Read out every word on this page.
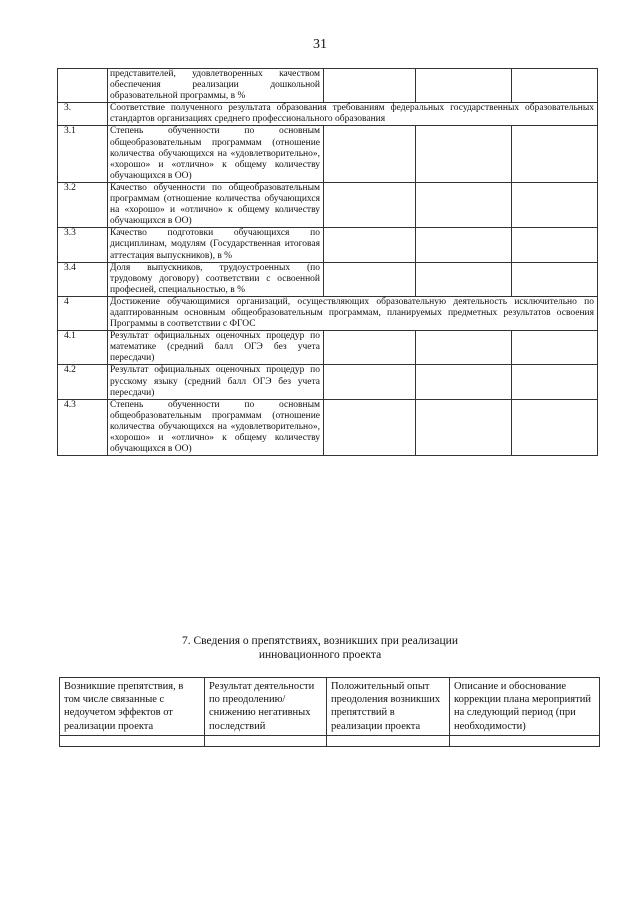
31
	представителей, удовлетворенных качеством обеспечения реализации дошкольной образовательной программы, в %			
3.	Соответствие полученного результата образования требованиям федеральных государственных образовательных стандартов организациях среднего профессионального образования			
3.1	Степень обученности по основным общеобразовательным программам (отношение количества обучающихся на «удовлетворительно», «хорошо» и «отлично» к общему количеству обучающихся в ОО)			
3.2	Качество обученности по общеобразовательным программам (отношение количества обучающихся на «хорошо» и «отлично» к общему количеству обучающихся в ОО)			
3.3	Качество подготовки обучающихся по дисциплинам, модулям (Государственная итоговая аттестация выпускников), в %			
3.4	Доля выпускников, трудоустроенных (по трудовому договору) соответствии с освоенной професией, специальностью, в %			
4	Достижение обучающимися организаций, осуществляющих образовательную деятельность исключительно по адаптированным основным общеобразовательным программам, планируемых предметных результатов освоения Программы в соответствии с ФГОС			
4.1	Результат официальных оценочных процедур по математике (средний балл ОГЭ без учета пересдачи)			
4.2	Результат официальных оценочных процедур по русскому языку (средний балл ОГЭ без учета пересдачи)			
4.3	Степень обученности по основным общеобразовательным программам (отношение количества обучающихся на «удовлетворительно», «хорошо» и «отлично» к общему количеству обучающихся в ОО)			
7. Сведения о препятствиях, возникших при реализации
инновационного проекта
Возникшие препятствия, в том числе связанные с недоучетом эффектов от реализации проекта	Результат деятельности по преодолению/снижению негативных последствий	Положительный опыт преодоления возникших препятствий в реализации проекта	Описание и обоснование коррекции плана мероприятий на следующий период (при необходимости)
